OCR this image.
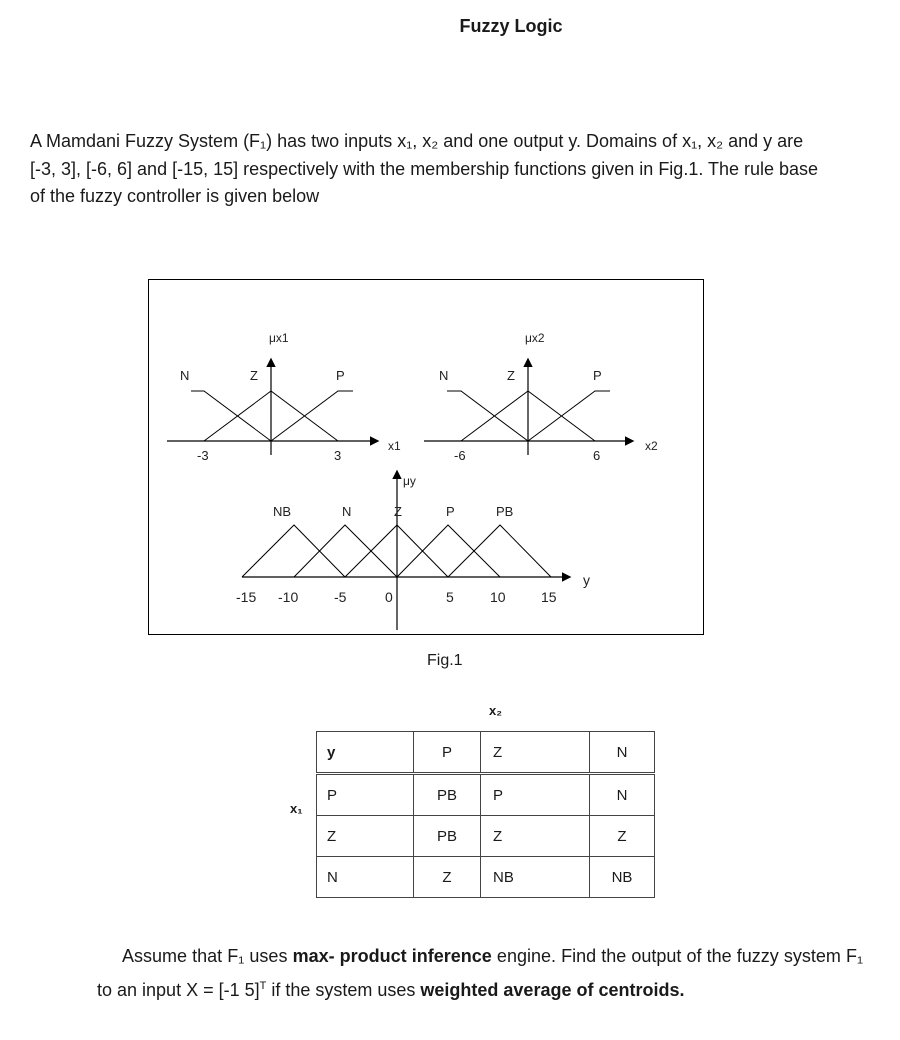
Fuzzy Logic
A Mamdani Fuzzy System (F₁) has two inputs x₁, x₂ and one output y. Domains of x₁, x₂ and y are
[-3, 3], [-6, 6] and [-15, 15] respectively with the membership functions given in Fig.1. The rule base
of the fuzzy controller is given below
μx1
N	Z	P
-3	3
x1
μx2
N	Z	P
-6	6
x2
μy
NB	N	Z	P	PB
-15 -10	-5	0	5	10	15
y
Fig.1
x₂
x₁
y	P	Z	N
P	PB	P	N
Z	PB	Z	Z
N	Z	NB	NB
Assume that F₁ uses max- product inference engine. Find the output of the fuzzy system F₁ to an input X = [-1 5]$^T$ if the system uses weighted average of centroids.
